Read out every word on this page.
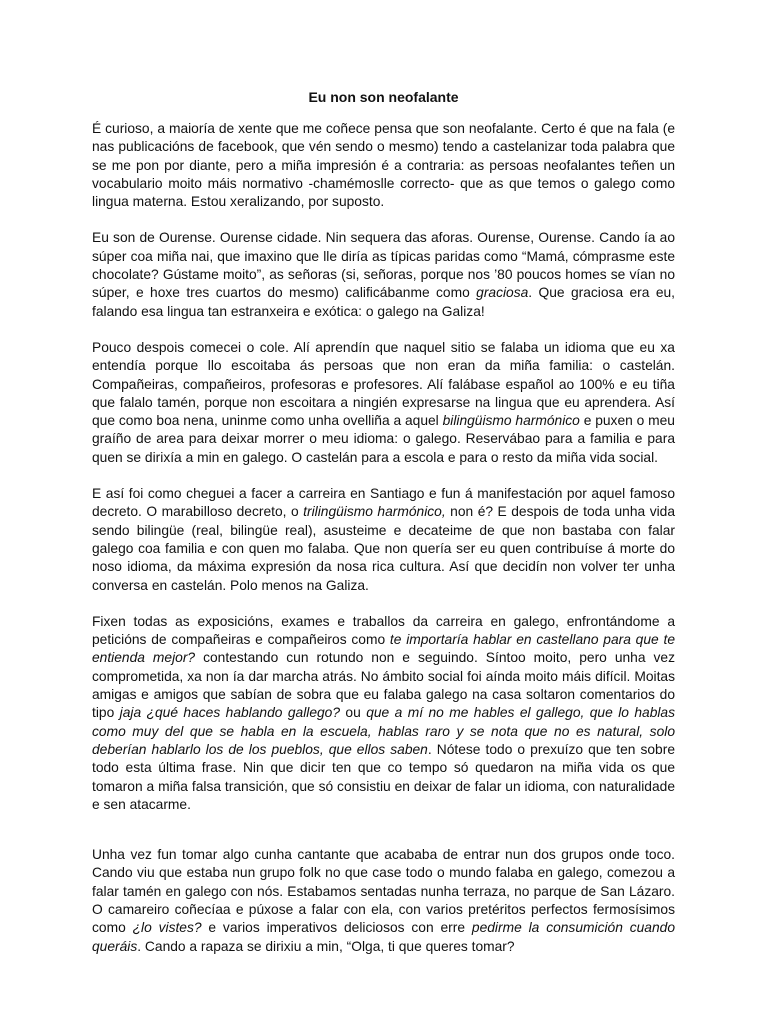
Eu non son neofalante

É curioso, a maioría de xente que me coñece pensa que son neofalante. Certo é que na fala (e nas publicacións de facebook, que vén sendo o mesmo) tendo a castelanizar toda palabra que se me pon por diante, pero a miña impresión é a contraria: as persoas neofalantes teñen un vocabulario moito máis normativo -chamémoslle correcto- que as que temos o galego como lingua materna. Estou xeralizando, por suposto.

Eu son de Ourense. Ourense cidade. Nin sequera das aforas. Ourense, Ourense. Cando ía ao súper coa miña nai, que imaxino que lle diría as típicas paridas como “Mamá, cómprasme este chocolate? Gústame moito”, as señoras (si, señoras, porque nos ’80 poucos homes se vían no súper, e hoxe tres cuartos do mesmo) calificábanme como graciosa. Que graciosa era eu, falando esa lingua tan estranxeira e exótica: o galego na Galiza!

Pouco despois comecei o cole. Alí aprendín que naquel sitio se falaba un idioma que eu xa entendía porque llo escoitaba ás persoas que non eran da miña familia: o castelán. Compañeiras, compañeiros, profesoras e profesores. Alí falábase español ao 100% e eu tiña que falalo tamén, porque non escoitara a ningién expresarse na lingua que eu aprendera. Así que como boa nena, uninme como unha ovelliña a aquel bilingüismo harmónico e puxen o meu graíño de area para deixar morrer o meu idioma: o galego. Reservábao para a familia e para quen se dirixía a min en galego. O castelán para a escola e para o resto da miña vida social.

E así foi como cheguei a facer a carreira en Santiago e fun á manifestación por aquel famoso decreto. O marabilloso decreto, o trilingüismo harmónico, non é? E despois de toda unha vida sendo bilingüe (real, bilingüe real), asusteime e decateime de que non bastaba con falar galego coa familia e con quen mo falaba. Que non quería ser eu quen contribuíse á morte do noso idioma, da máxima expresión da nosa rica cultura. Así que decidín non volver ter unha conversa en castelán. Polo menos na Galiza.

Fixen todas as exposicións, exames e traballos da carreira en galego, enfrontándome a peticións de compañeiras e compañeiros como te importaría hablar en castellano para que te entienda mejor? contestando cun rotundo non e seguindo. Síntoo moito, pero unha vez comprometida, xa non ía dar marcha atrás. No ámbito social foi aínda moito máis difícil. Moitas amigas e amigos que sabían de sobra que eu falaba galego na casa soltaron comentarios do tipo jaja ¿qué haces hablando gallego? ou que a mí no me hables el gallego, que lo hablas como muy del que se habla en la escuela, hablas raro y se nota que no es natural, solo deberían hablarlo los de los pueblos, que ellos saben. Nótese todo o prexuízo que ten sobre todo esta última frase. Nin que dicir ten que co tempo só quedaron na miña vida os que tomaron a miña falsa transición, que só consistiu en deixar de falar un idioma, con naturalidade e sen atacarme.

Unha vez fun tomar algo cunha cantante que acababa de entrar nun dos grupos onde toco. Cando viu que estaba nun grupo folk no que case todo o mundo falaba en galego, comezou a falar tamén en galego con nós. Estabamos sentadas nunha terraza, no parque de San Lázaro. O camareiro coñecíaa e púxose a falar con ela, con varios pretéritos perfectos fermosísimos como ¿lo vistes? e varios imperativos deliciosos con erre pedirme la consumición cuando queráis. Cando a rapaza se dirixiu a min, “Olga, ti que queres tomar?
